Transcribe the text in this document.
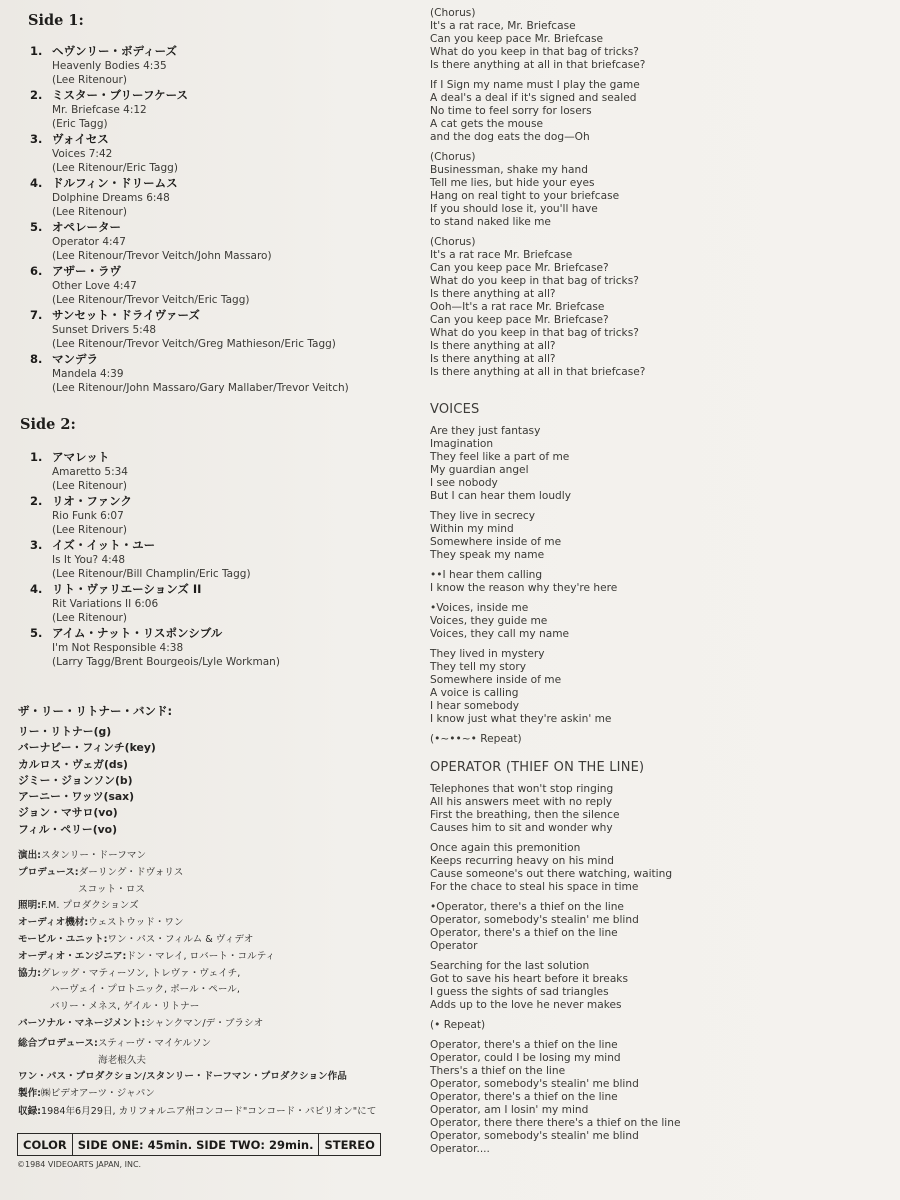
Side 1:
1. ヘヴンリー・ボディーズ
Heavenly Bodies 4:35
(Lee Ritenour)
2. ミスター・ブリーフケース
Mr. Briefcase 4:12
(Eric Tagg)
3. ヴォイセス
Voices 7:42
(Lee Ritenour/Eric Tagg)
4. ドルフィン・ドリームス
Dolphine Dreams 6:48
(Lee Ritenour)
5. オペレーター
Operator 4:47
(Lee Ritenour/Trevor Veitch/John Massaro)
6. アザー・ラヴ
Other Love 4:47
(Lee Ritenour/Trevor Veitch/Eric Tagg)
7. サンセット・ドライヴァーズ
Sunset Drivers 5:48
(Lee Ritenour/Trevor Veitch/Greg Mathieson/Eric Tagg)
8. マンデラ
Mandela 4:39
(Lee Ritenour/John Massaro/Gary Mallaber/Trevor Veitch)
Side 2:
1. アマレット
Amaretto 5:34
(Lee Ritenour)
2. リオ・ファンク
Rio Funk 6:07
(Lee Ritenour)
3. イズ・イット・ユー
Is It You? 4:48
(Lee Ritenour/Bill Champlin/Eric Tagg)
4. リト・ヴァリエーションズ II
Rit Variations II 6:06
(Lee Ritenour)
5. アイム・ナット・リスポンシブル
I'm Not Responsible 4:38
(Larry Tagg/Brent Bourgeois/Lyle Workman)
ザ・リー・リトナー・バンド:
リー・リトナー(g)
バーナビー・フィンチ(key)
カルロス・ヴェガ(ds)
ジミー・ジョンソン(b)
アーニー・ワッツ(sax)
ジョン・マサロ(vo)
フィル・ペリー(vo)
演出:スタンリー・ドーフマン
プロデュース:ダーリング・ドヴォリス
スコット・ロス
照明:F.M. プロダクションズ
オーディオ機材:ウェストウッド・ワン
モービル・ユニット:ワン・パス・フィルム & ヴィデオ
オーディオ・エンジニア:ドン・マレイ, ロバート・コルティ
協力:グレッグ・マティーソン, トレヴァ・ヴェイチ,
ハーヴェイ・プロトニック, ポール・ペール,
バリー・メネス, ゲイル・リトナー
パーソナル・マネージメント:シャンクマン/デ・ブラシオ
総合プロデュース:スティーヴ・マイケルソン
海老根久夫
ワン・パス・プロダクション/スタンリー・ドーフマン・プロダクション作品
製作:㈱ビデオアーツ・ジャパン
収録:1984年6月29日, カリフォルニア州コンコード"コンコード・パビリオン"にて
COLOR SIDE ONE: 45min. SIDE TWO: 29min. STEREO
©1984 VIDEOARTS JAPAN, INC.
(Chorus)
It's a rat race, Mr. Briefcase
Can you keep pace Mr. Briefcase
What do you keep in that bag of tricks?
Is there anything at all in that briefcase?
If I Sign my name must I play the game
A deal's a deal if it's signed and sealed
No time to feel sorry for losers
A cat gets the mouse
and the dog eats the dog—Oh
(Chorus)
Businessman, shake my hand
Tell me lies, but hide your eyes
Hang on real tight to your briefcase
If you should lose it, you'll have
to stand naked like me
(Chorus)
It's a rat race Mr. Briefcase
Can you keep pace Mr. Briefcase?
What do you keep in that bag of tricks?
Is there anything at all?
Ooh—It's a rat race Mr. Briefcase
Can you keep pace Mr. Briefcase?
What do you keep in that bag of tricks?
Is there anything at all?
Is there anything at all?
Is there anything at all in that briefcase?
VOICES
Are they just fantasy
Imagination
They feel like a part of me
My guardian angel
I see nobody
But I can hear them loudly
They live in secrecy
Within my mind
Somewhere inside of me
They speak my name
••I hear them calling
I know the reason why they're here
•Voices, inside me
Voices, they guide me
Voices, they call my name
They lived in mystery
They tell my story
Somewhere inside of me
A voice is calling
I hear somebody
I know just what they're askin' me
(•~••~• Repeat)
OPERATOR (THIEF ON THE LINE)
Telephones that won't stop ringing
All his answers meet with no reply
First the breathing, then the silence
Causes him to sit and wonder why
Once again this premonition
Keeps recurring heavy on his mind
Cause someone's out there watching, waiting
For the chace to steal his space in time
•Operator, there's a thief on the line
Operator, somebody's stealin' me blind
Operator, there's a thief on the line
Operator
Searching for the last solution
Got to save his heart before it breaks
I guess the sights of sad triangles
Adds up to the love he never makes
(• Repeat)
Operator, there's a thief on the line
Operator, could I be losing my mind
Thers's a thief on the line
Operator, somebody's stealin' me blind
Operator, there's a thief on the line
Operator, am I losin' my mind
Operator, there there there's a thief on the line
Operator, somebody's stealin' me blind
Operator....
